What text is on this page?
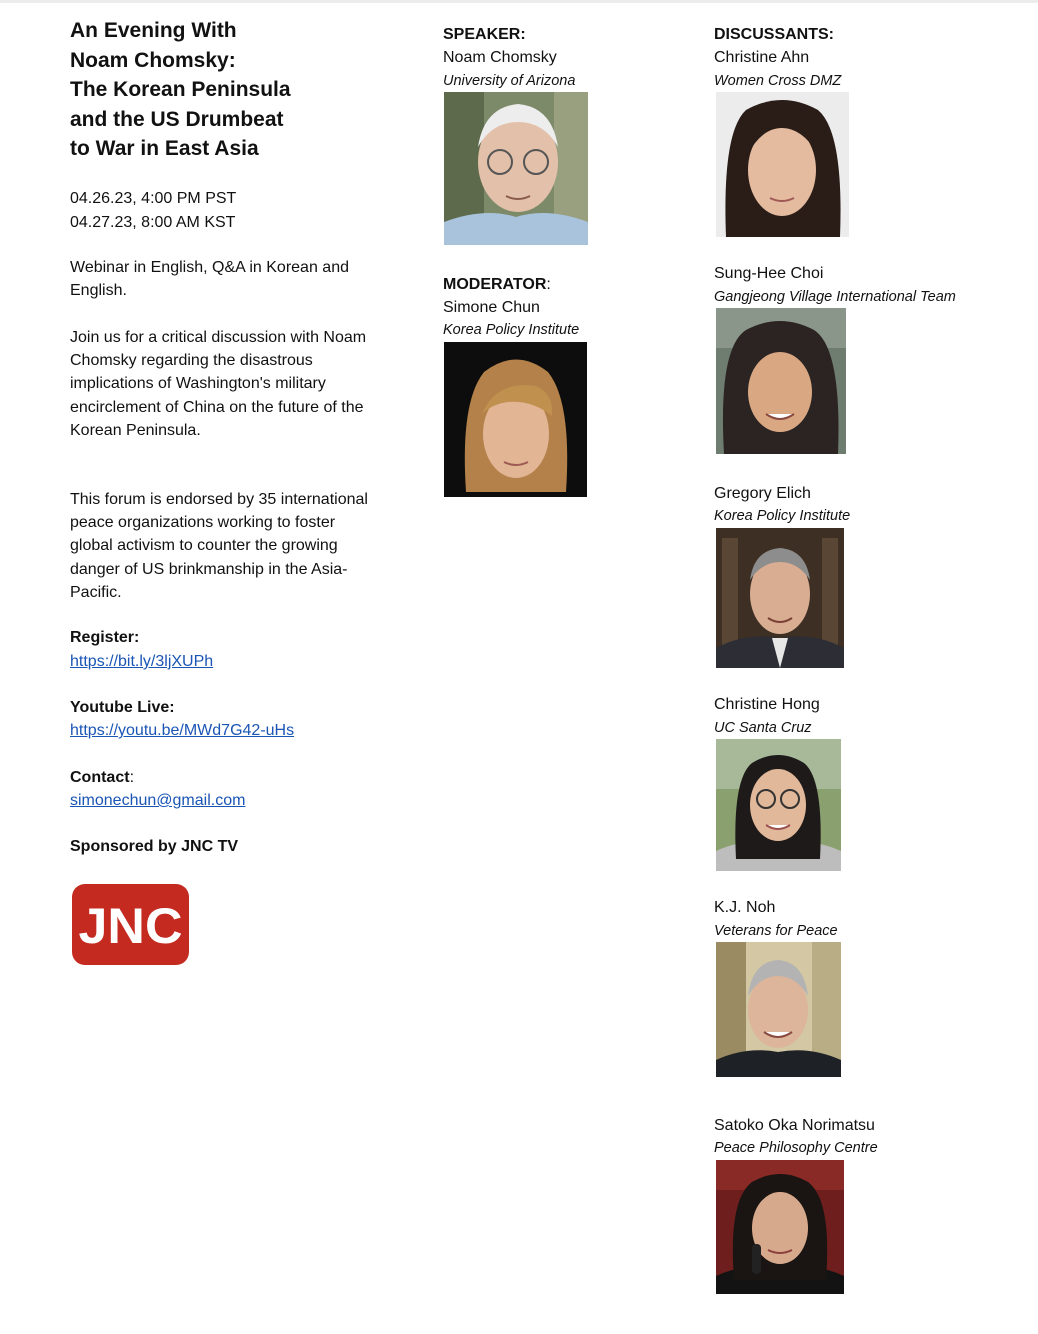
An Evening With
Noam Chomsky:
The Korean Peninsula
and the US Drumbeat
to War in East Asia
04.26.23, 4:00 PM PST
04.27.23, 8:00 AM KST
Webinar in English, Q&A in Korean and English.
Join us for a critical discussion with Noam Chomsky regarding the disastrous implications of Washington's military encirclement of China on the future of the Korean Peninsula.
This forum is endorsed by 35 international peace organizations working to foster global activism to counter the growing danger of US brinkmanship in the Asia-Pacific.
Register:
https://bit.ly/3ljXUPh
Youtube Live:
https://youtu.be/MWd7G42-uHs
Contact:
simonechun@gmail.com
Sponsored by JNC TV
JNC
SPEAKER:
Noam Chomsky
University of Arizona
MODERATOR:
Simone Chun
Korea Policy Institute
DISCUSSANTS:
Christine Ahn
Women Cross DMZ
Sung-Hee Choi
Gangjeong Village International Team
Gregory Elich
Korea Policy Institute
Christine Hong
UC Santa Cruz
K.J. Noh
Veterans for Peace
Satoko Oka Norimatsu
Peace Philosophy Centre
